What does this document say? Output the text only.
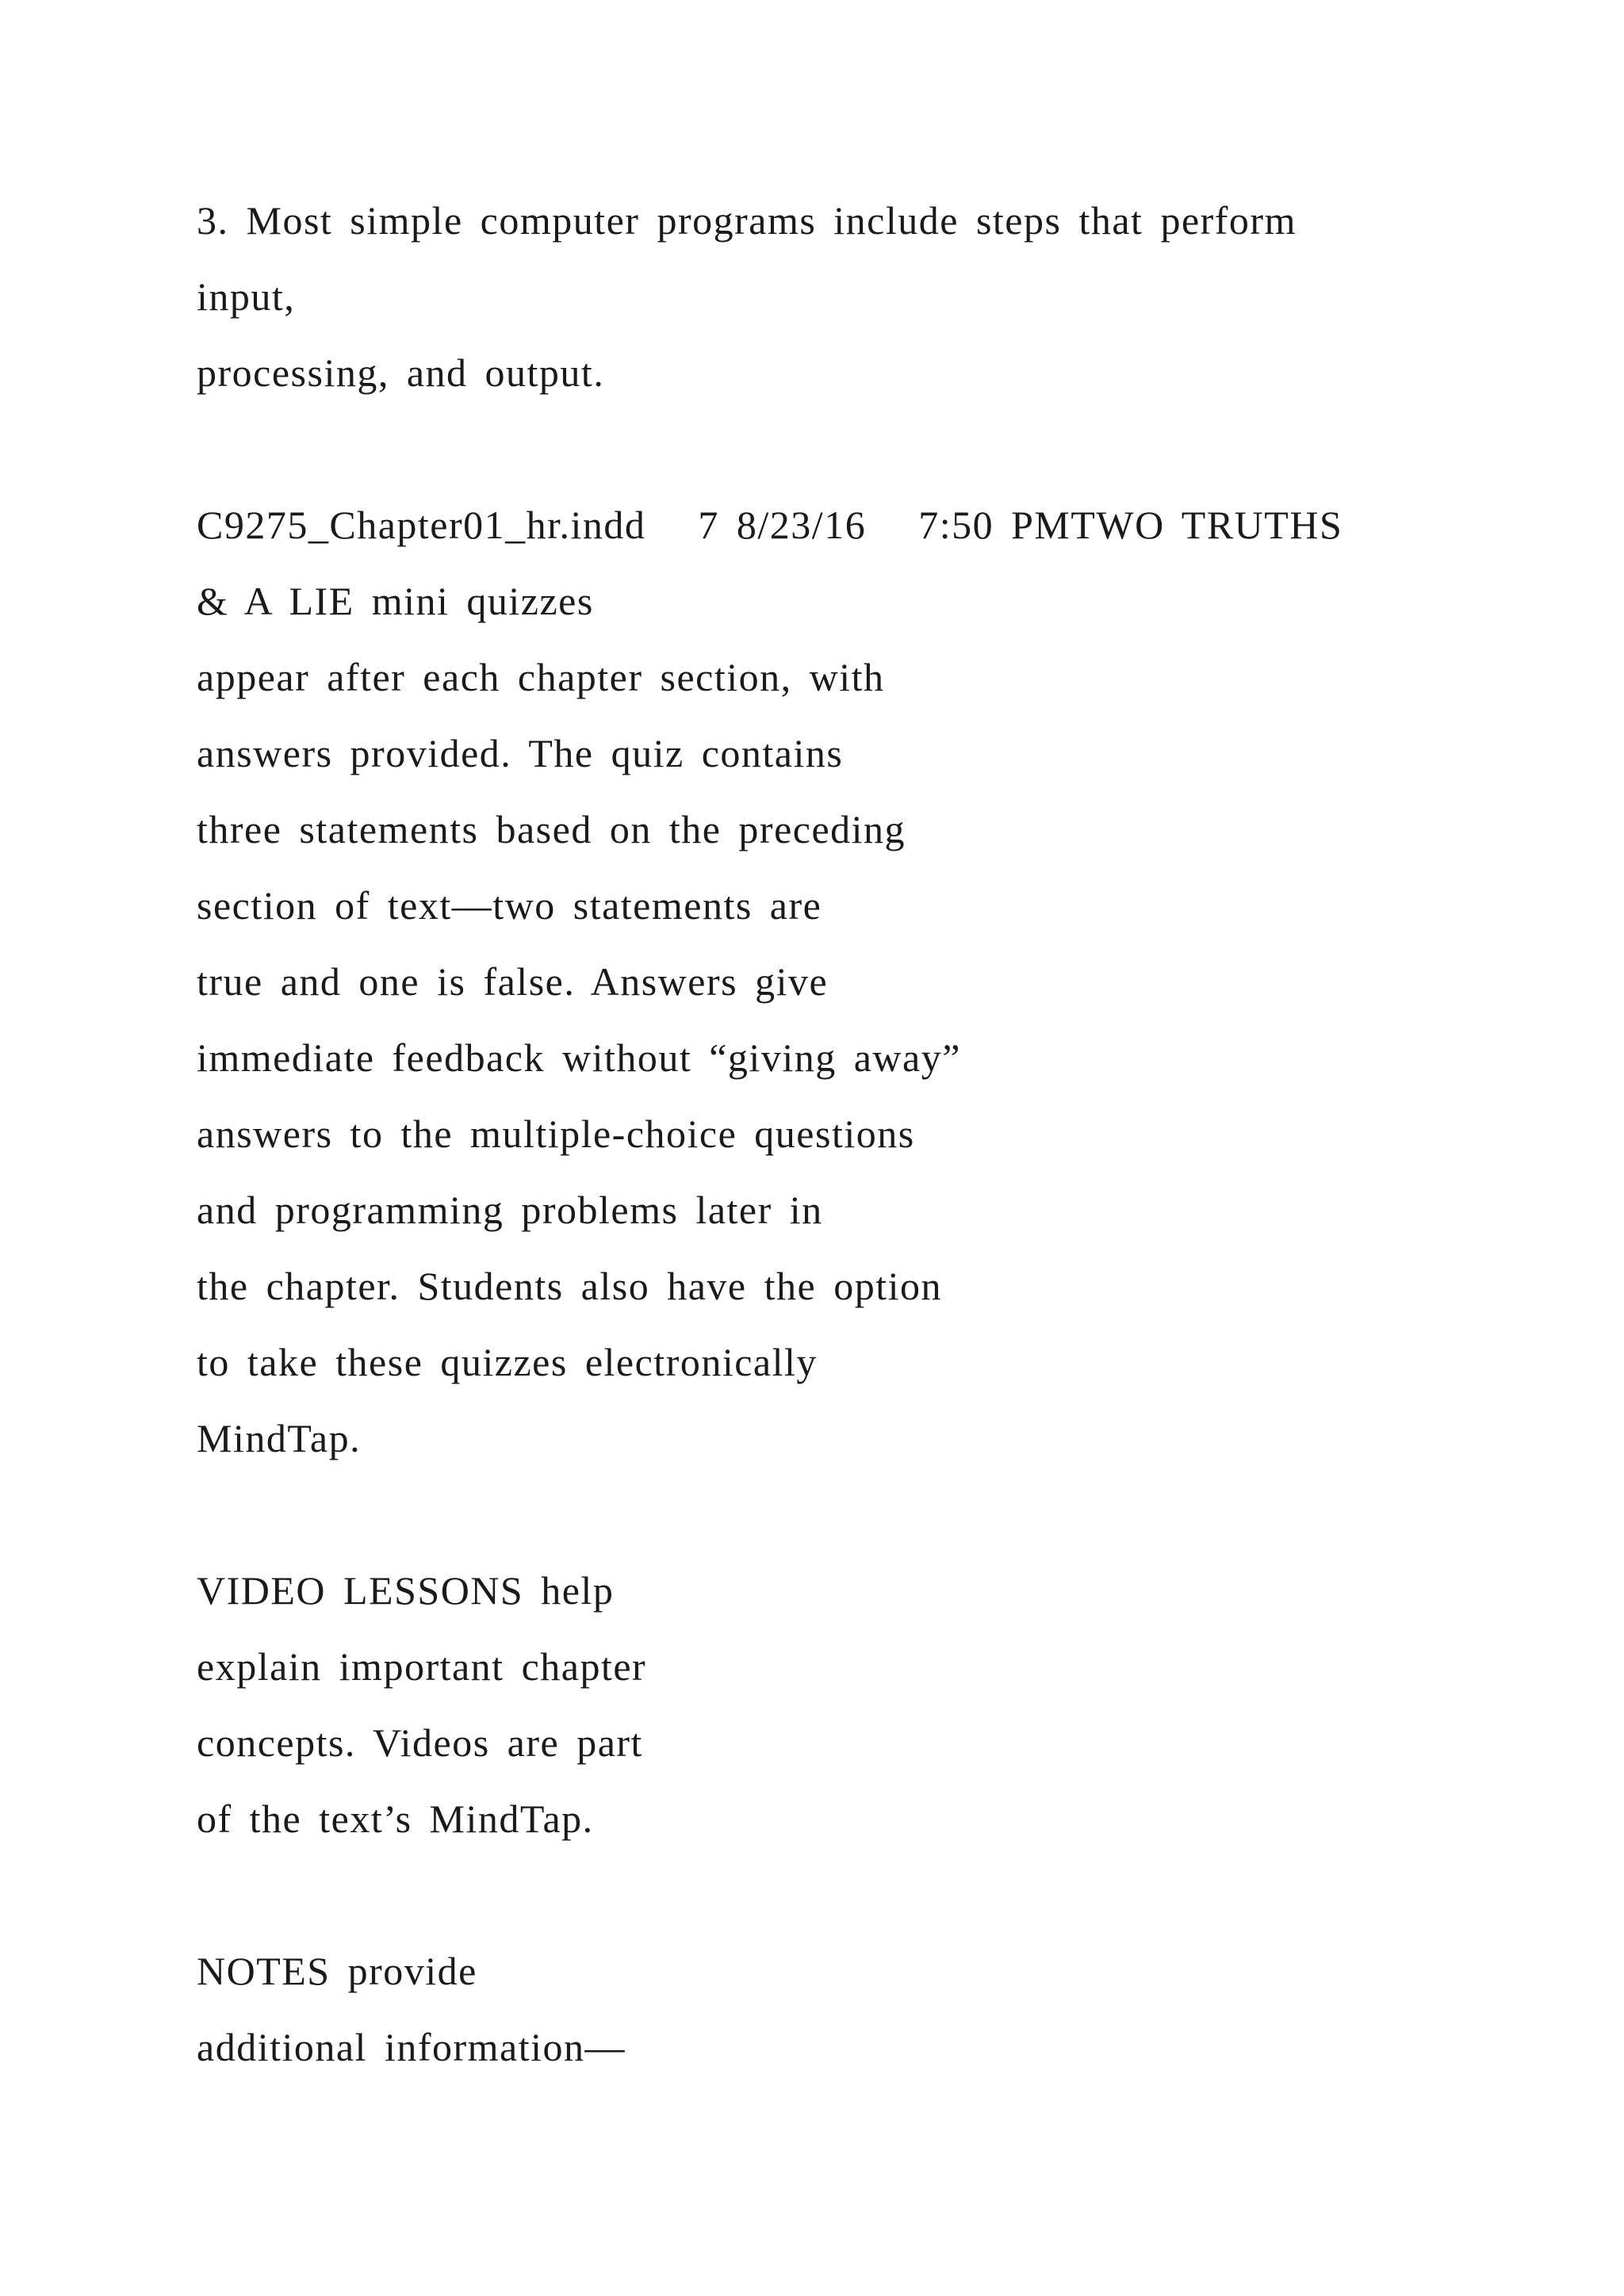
3. Most simple computer programs include steps that perform

input,

processing, and output.

C9275_Chapter01_hr.indd   7 8/23/16   7:50 PMTWO TRUTHS

& A LIE mini quizzes

appear after each chapter section, with

answers provided. The quiz contains

three statements based on the preceding

section of text—two statements are

true and one is false. Answers give

immediate feedback without “giving away”

answers to the multiple-choice questions

and programming problems later in

the chapter. Students also have the option

to take these quizzes electronically

MindTap.

VIDEO LESSONS help

explain important chapter

concepts. Videos are part

of the text’s MindTap.

NOTES provide

additional information—
